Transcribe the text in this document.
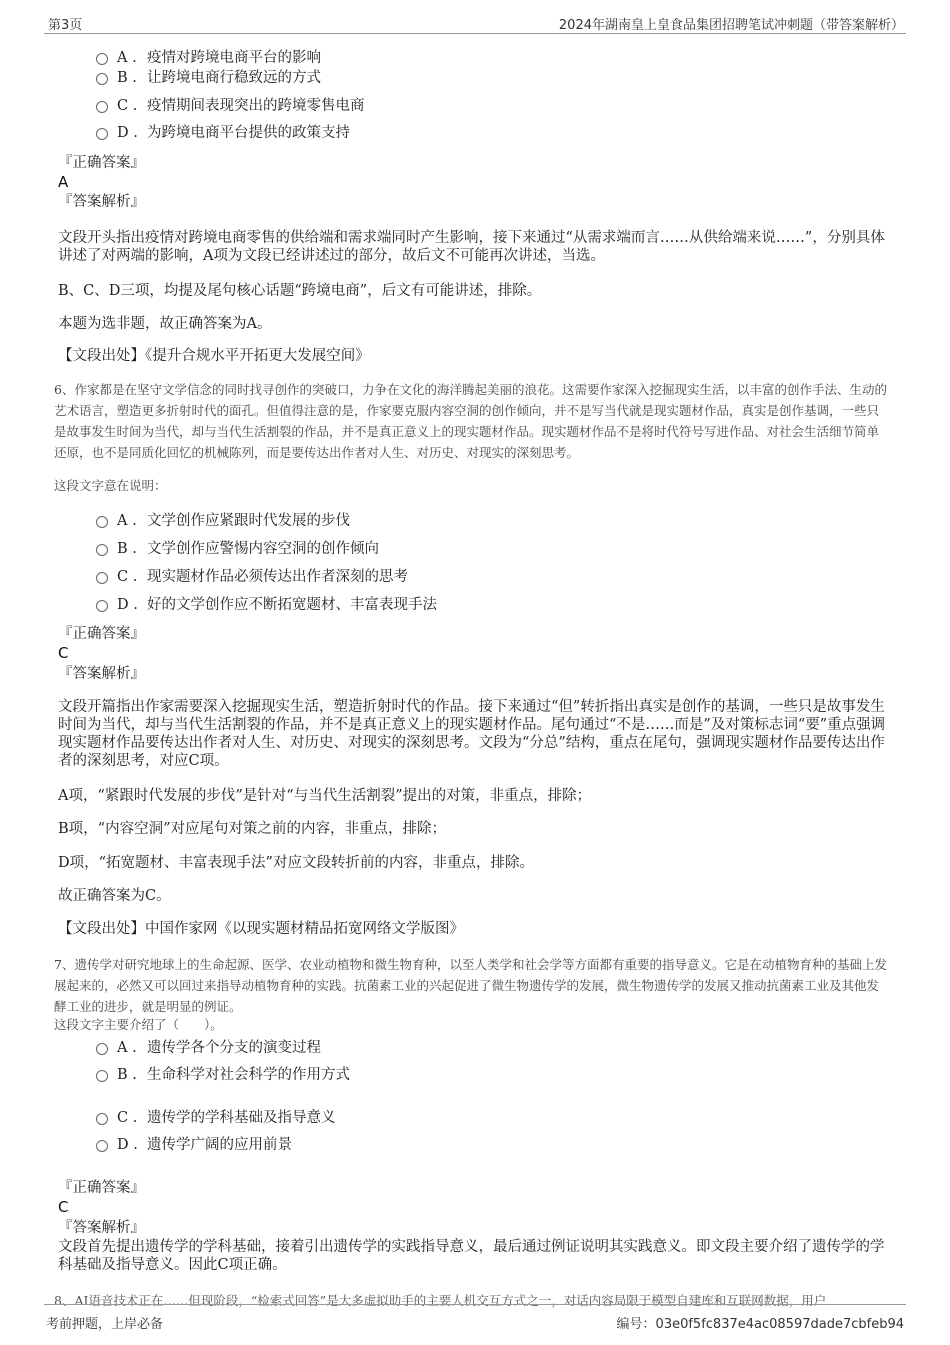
第3页	2024年湖南皇上皇食品集团招聘笔试冲刺题（带答案解析）
A . 疫情对跨境电商平台的影响
B . 让跨境电商行稳致远的方式
C . 疫情期间表现突出的跨境零售电商
D . 为跨境电商平台提供的政策支持
『正确答案』
A
『答案解析』
文段开头指出疫情对跨境电商零售的供给端和需求端同时产生影响，接下来通过“从需求端而言……从供给端来说……”，分别具体讲述了对两端的影响，A项为文段已经讲述过的部分，故后文不可能再次讲述，当选。
B、C、D三项，均提及尾句核心话题“跨境电商”，后文有可能讲述，排除。
本题为选非题，故正确答案为A。
【文段出处】《提升合规水平开拓更大发展空间》
6、作家都是在坚守文学信念的同时找寻创作的突破口，力争在文化的海洋腾起美丽的浪花。这需要作家深入挖掘现实生活，以丰富的创作手法、生动的艺术语言，塑造更多折射时代的面孔。但值得注意的是，作家要克服内容空洞的创作倾向，并不是写当代就是现实题材作品，真实是创作基调，一些只是故事发生时间为当代，却与当代生活割裂的作品，并不是真正意义上的现实题材作品。现实题材作品不是将时代符号写进作品、对社会生活细节简单还原，也不是同质化回忆的机械陈列，而是要传达出作者对人生、对历史、对现实的深刻思考。
这段文字意在说明：
A . 文学创作应紧跟时代发展的步伐
B . 文学创作应警惕内容空洞的创作倾向
C . 现实题材作品必须传达出作者深刻的思考
D . 好的文学创作应不断拓宽题材、丰富表现手法
『正确答案』
C
『答案解析』
文段开篇指出作家需要深入挖掘现实生活，塑造折射时代的作品。接下来通过“但”转折指出真实是创作的基调，一些只是故事发生时间为当代，却与当代生活割裂的作品，并不是真正意义上的现实题材作品。尾句通过“不是……而是”及对策标志词“要”重点强调现实题材作品要传达出作者对人生、对历史、对现实的深刻思考。文段为“分总”结构，重点在尾句，强调现实题材作品要传达出作者的深刻思考，对应C项。
A项，“紧跟时代发展的步伐”是针对“与当代生活割裂”提出的对策，非重点，排除；
B项，“内容空洞”对应尾句对策之前的内容，非重点，排除；
D项，“拓宽题材、丰富表现手法”对应文段转折前的内容，非重点，排除。
故正确答案为C。
【文段出处】中国作家网《以现实题材精品拓宽网络文学版图》
7、遗传学对研究地球上的生命起源、医学、农业动植物和微生物育种，以至人类学和社会学等方面都有重要的指导意义。它是在动植物育种的基础上发展起来的，必然又可以回过来指导动植物育种的实践。抗菌素工业的兴起促进了微生物遗传学的发展，微生物遗传学的发展又推动抗菌素工业及其他发酵工业的进步，就是明显的例证。
这段文字主要介绍了（　　）。
A . 遗传学各个分支的演变过程
B . 生命科学对社会科学的作用方式
C . 遗传学的学科基础及指导意义
D . 遗传学广阔的应用前景
『正确答案』
C
『答案解析』
文段首先提出遗传学的学科基础，接着引出遗传学的实践指导意义，最后通过例证说明其实践意义。即文段主要介绍了遗传学的学科基础及指导意义。因此C项正确。
8、AI语音技术正在……但现阶段，“检索式回答”是大多虚拟助手的主要人机交互方式之一，对话内容局限于模型自建库和互联网数据，用户
考前押题，上岸必备	编号：03e0f5fc837e4ac08597dade7cbfeb94
